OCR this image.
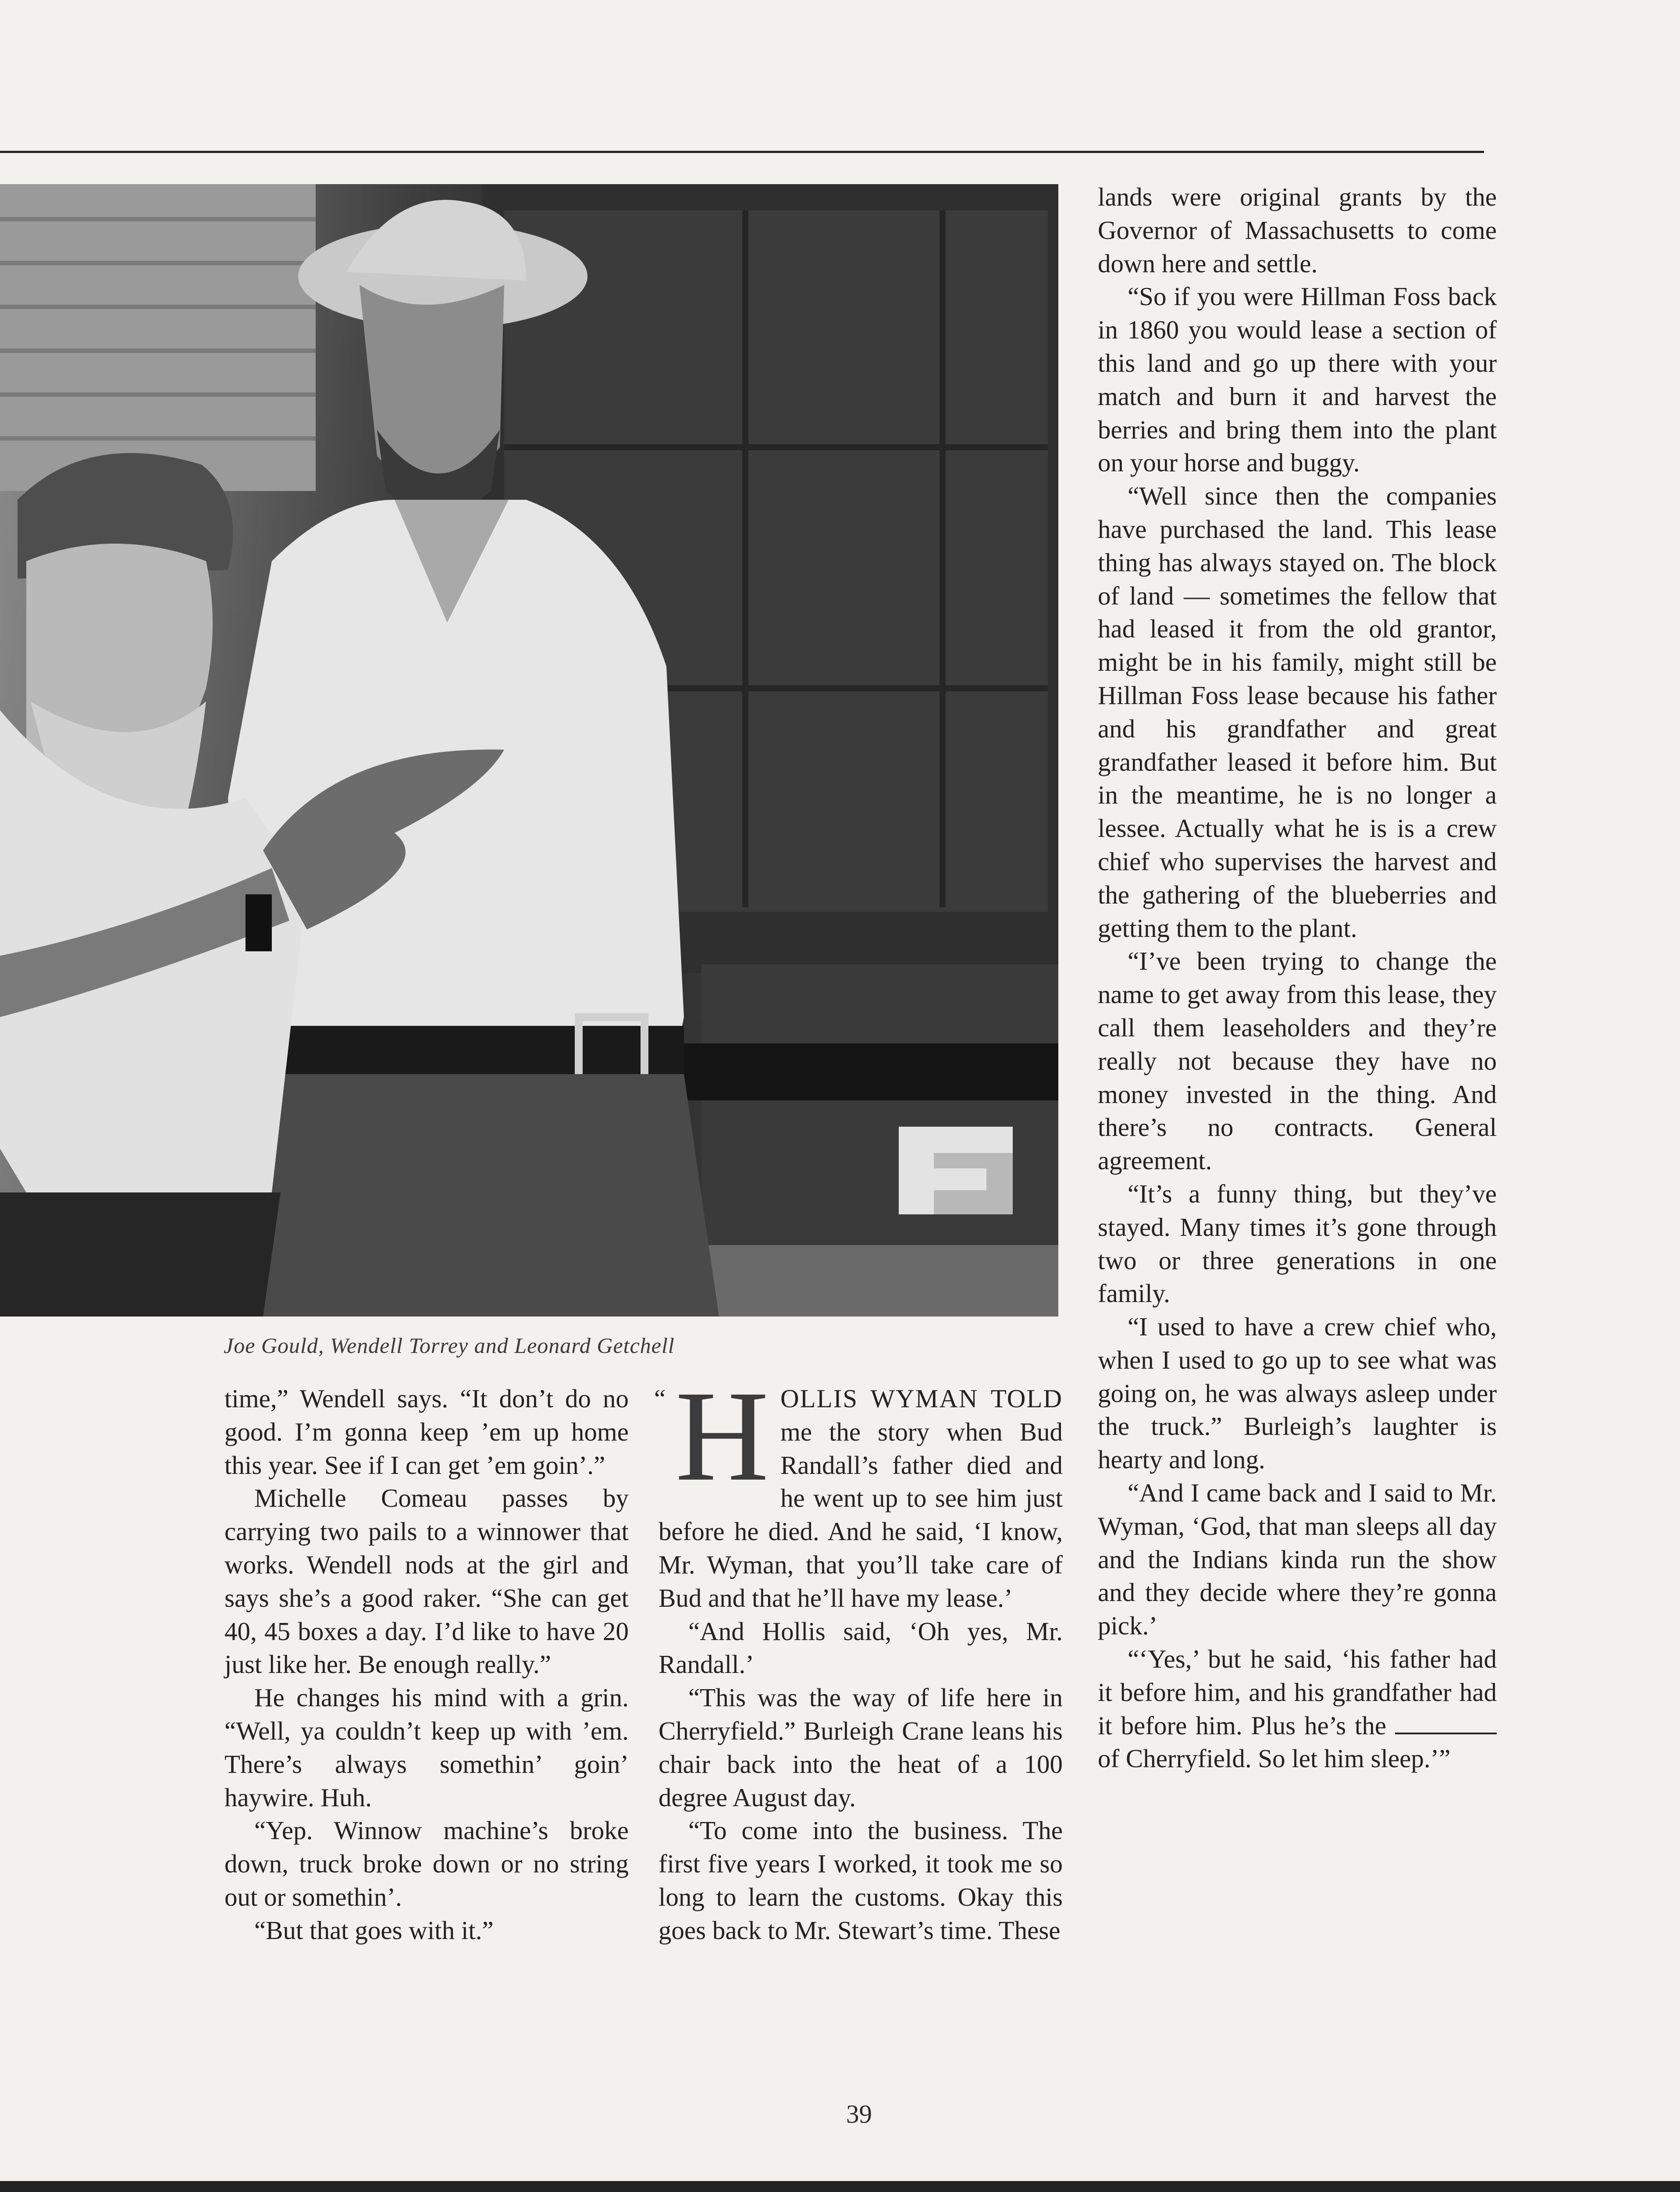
Joe Gould, Wendell Torrey and Leonard Getchell

time,” Wendell says. “It don’t do no good. I’m gonna keep ’em up home this year. See if I can get ’em goin’.”

Michelle Comeau passes by carrying two pails to a winnower that works. Wendell nods at the girl and says she’s a good raker. “She can get 40, 45 boxes a day. I’d like to have 20 just like her. Be enough really.”

He changes his mind with a grin. “Well, ya couldn’t keep up with ’em. There’s always somethin’ goin’ haywire. Huh.

“Yep. Winnow machine’s broke down, truck broke down or no string out or somethin’.

“But that goes with it.”

“ H OLLIS WYMAN TOLD me the story when Bud Randall’s father died and he went up to see him just before he died. And he said, ‘I know, Mr. Wyman, that you’ll take care of Bud and that he’ll have my lease.’

“And Hollis said, ‘Oh yes, Mr. Randall.’

“This was the way of life here in Cherryfield.” Burleigh Crane leans his chair back into the heat of a 100 degree August day.

“To come into the business. The first five years I worked, it took me so long to learn the customs. Okay this goes back to Mr. Stewart’s time. These

lands were original grants by the Governor of Massachusetts to come down here and settle.

“So if you were Hillman Foss back in 1860 you would lease a section of this land and go up there with your match and burn it and harvest the berries and bring them into the plant on your horse and buggy.

“Well since then the companies have purchased the land. This lease thing has always stayed on. The block of land — sometimes the fellow that had leased it from the old grantor, might be in his family, might still be Hillman Foss lease because his father and his grandfather and great grandfather leased it before him. But in the meantime, he is no longer a lessee. Actually what he is is a crew chief who supervises the harvest and the gathering of the blueberries and getting them to the plant.

“I’ve been trying to change the name to get away from this lease, they call them leaseholders and they’re really not because they have no money invested in the thing. And there’s no contracts. General agreement.

“It’s a funny thing, but they’ve stayed. Many times it’s gone through two or three generations in one family.

“I used to have a crew chief who, when I used to go up to see what was going on, he was always asleep under the truck.” Burleigh’s laughter is hearty and long.

“And I came back and I said to Mr. Wyman, ‘God, that man sleeps all day and the Indians kinda run the show and they decide where they’re gonna pick.’

“‘Yes,’ but he said, ‘his father had it before him, and his grandfather had it before him. Plus he’s the  of Cherryfield. So let him sleep.’”

39
